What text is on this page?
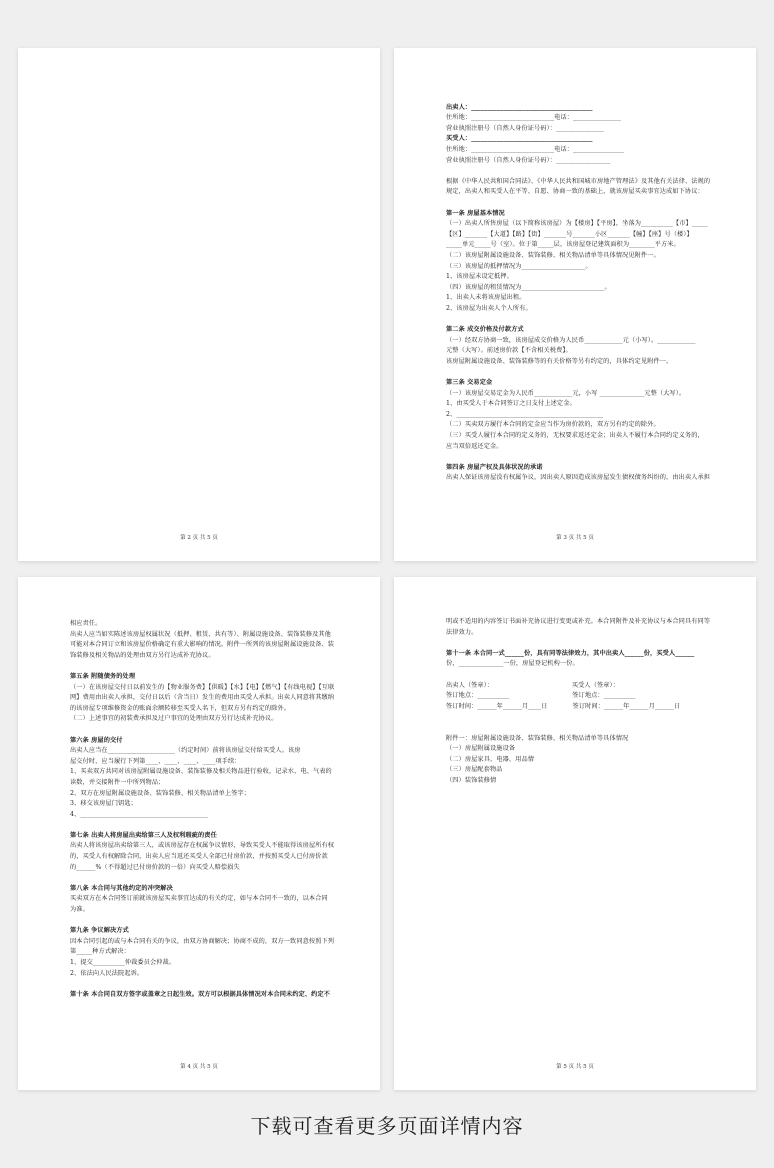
第 2 页 共 5 页
出卖人：______________________________________
住所地：__________________________电话：_______________
营业执照注册号（自然人身份证号码）：_______________
买受人：______________________________________
住所地：__________________________电话：________________
营业执照注册号（自然人身份证号码）：_________________
根据《中华人民共和国合同法》、《中华人民共和国城市房地产管理法》及其他有关法律、法规的
规定，出卖人和买受人在平等、自愿、协商一致的基础上，就该房屋买卖事宜达成如下协议：
第一条 房屋基本情况
（一）出卖人所售房屋（以下简称该房屋）为【楼房】【平房】，坐落为__________【市】_____
【区】_______【大道】【路】【街】_______号_______小区_______【幢】【座】号（楼）】
_____单元_____号（室）。位于第_____层，该房屋登记建筑面积为________平方米。
（二）该房屋附属设施设备、装饰装修、相关物品清单等具体情况见附件一。
（三）该房屋的抵押情况为____________________。
1、该房屋未设定抵押。
（四）该房屋的租赁情况为__________________________。
1、出卖人未将该房屋出租。
2、该房屋为出卖人个人所有。
第二条 成交价格及付款方式
（一）经双方协商一致，该房屋成交价格为人民币____________元（小写）。____________
元整（大写）。前述房价款【不含相关税费】。
该房屋附属设施设备、装饰装修等的有关价格等另有约定的，具体约定见附件一。
第三条 交易定金
（一）该房屋交易定金为人民币____________元，小写 ______________元整（大写）。
1、由买受人于本合同签订之日支付上述定金。
2、______________________________________________
（二）买卖双方履行本合同的定金应当作为房价款的，双方另有约定的除外。
（三）买受人履行本合同的定义务的，无权要求返还定金；出卖人不履行本合同约定义务的，
应当双倍返还定金。
第四条 房屋产权及具体状况的承诺
出卖人保证该房屋没有权属争议，因出卖人原因造成该房屋发生债权债务纠纷的，由出卖人承担
第 3 页 共 5 页
相应责任。
出卖人应当如实陈述该房屋权属状况（抵押、租赁、共有等）、附属设施设备、装饰装修及其他
可能对本合同订立和该房屋价格确定有重大影响的情况。附件一所列的该房屋附属设施设备、装
饰装修及相关物品的处理由双方另行达成补充协议。
第五条 附随债务的处理
（一）在该房屋交付日以前发生的【物业服务费】【供暖】【水】【电】【燃气】【有线电视】【互联
网】费用由出卖人承担，交付日以后（含当日）发生的费用由买受人承担。出卖人同意将其缴纳
的该房屋专项维修资金的账面余额转移至买受人名下，但双方另有约定的除外。
（二）上述事宜的初装费承担及过户事宜的处理由双方另行达成补充协议。
第六条 房屋的交付
出卖人应当在_____________________（约定时间）前将该房屋交付给买受人。该房
屋交付时，应当履行下列第____、____、____、____项手续：
1、买卖双方共同对该房屋附属设施设备、装饰装修及相关物品进行验收，记录水、电、气表的
读数，并交接附件一中所列物品；
2、双方在房屋附属设施设备、装饰装修、相关物品清单上签字；
3、移交该房屋门钥匙；
4、________________________________________
第七条 出卖人将房屋出卖给第三人及权利瑕疵的责任
出卖人将该房屋出卖给第三人，或该房屋存在权属争议情形，导致买受人不能取得该房屋所有权
的，买受人有权解除合同，出卖人应当返还买受人全部已付房价款，并按照买受人已付房价款
的______%（不得超过已付房价款的一倍）向买受人赔偿损失
第八条 本合同与其他约定的冲突解决
买卖双方在本合同签订前就该房屋买卖事宜达成的有关约定，如与本合同不一致的，以本合同
为准。
第九条 争议解决方式
因本合同引起的或与本合同有关的争议，由双方协商解决；协商不成的，双方一致同意按照下列
第_____种方式解决：
1、提交__________仲裁委员会仲裁。
2、依法向人民法院起诉。
第十条 本合同自双方签字或盖章之日起生效。双方可以根据具体情况对本合同未约定、约定不
第 4 页 共 5 页
明或不适用的内容签订书面补充协议进行变更或补充。本合同附件及补充协议与本合同具有同等
法律效力。
第十一条 本合同一式______份，具有同等法律效力，其中出卖人______份，买受人______
份，______________一份，房屋登记机构一份。
出卖人（签章）：　　　　　　　　　　　　　买受人（签章）：
签订地点：__________　　　　　　　　　　签订地点：__________
签订时间：______年______月____日　　　　签订时间：______年______月______日
附件一：房屋附属设施设备、装饰装修、相关物品清单等具体情况
（一）房屋附属设施设备
（二）房屋家具、电器、用品情
（三）房屋配套物品
（四）装饰装修情
第 5 页 共 5 页
下载可查看更多页面详情内容
